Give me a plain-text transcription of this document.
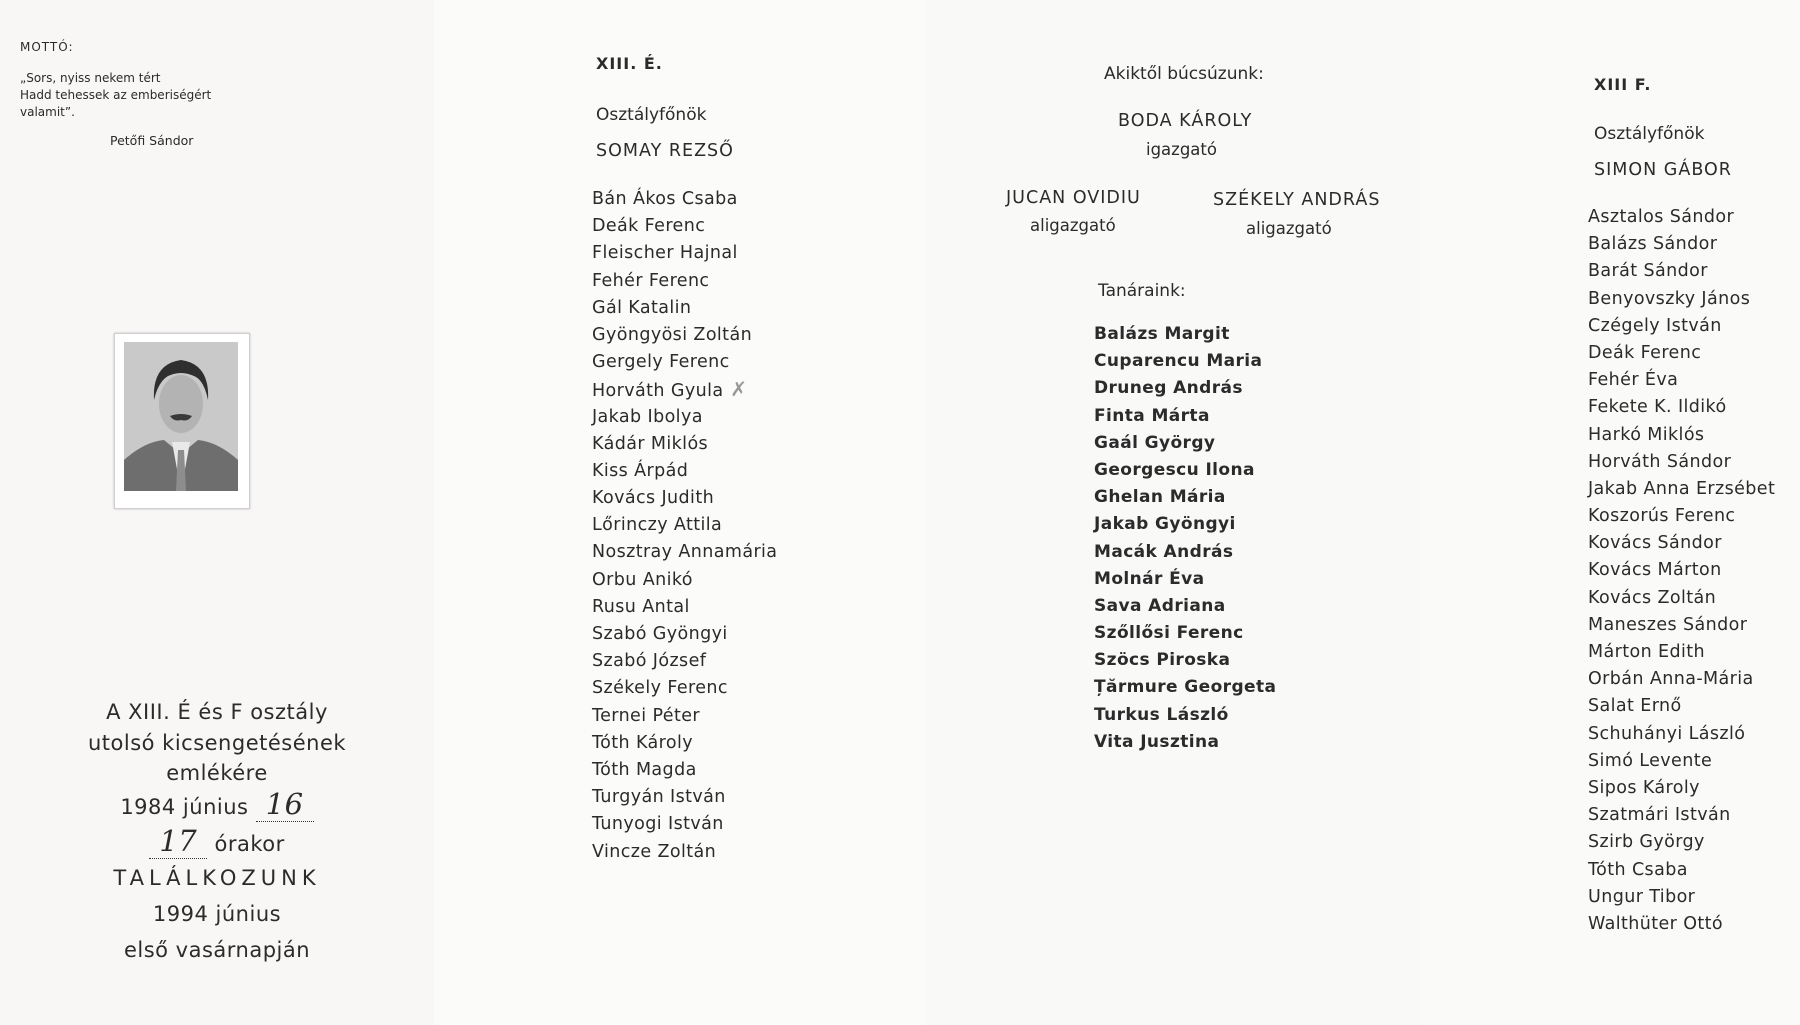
MOTTÓ:

„Sors, nyiss nekem tért
Hadd tehessek az emberiségért
valamit”.

Petőfi Sándor

A XIII. É és F osztály

utolsó kicsengetésének

emlékére

1984 június 16
17 órakor

TALÁLKOZUNK

1994 június

első vasárnapján

XIII. É.

Osztályfőnök

SOMAY REZSŐ

Bán Ákos Csaba
Deák Ferenc
Fleischer Hajnal
Fehér Ferenc
Gál Katalin
Gyöngyösi Zoltán
Gergely Ferenc
Horváth Gyula ✗
Jakab Ibolya
Kádár Miklós
Kiss Árpád
Kovács Judith
Lőrinczy Attila
Nosztray Annamária
Orbu Anikó
Rusu Antal
Szabó Gyöngyi
Szabó József
Székely Ferenc
Ternei Péter
Tóth Károly
Tóth Magda
Turgyán István
Tunyogi István
Vincze Zoltán

Akiktől búcsúzunk:

BODA KÁROLY

igazgató

JUCAN OVIDIU

aligazgató

SZÉKELY ANDRÁS

aligazgató

Tanáraink:

Balázs Margit
Cuparencu Maria
Druneg András
Finta Márta
Gaál György
Georgescu Ilona
Ghelan Mária
Jakab Gyöngyi
Macák András
Molnár Éva
Sava Adriana
Szőllősi Ferenc
Szöcs Piroska
Țărmure Georgeta
Turkus László
Vita Jusztina

XIII F.

Osztályfőnök

SIMON GÁBOR

Asztalos Sándor
Balázs Sándor
Barát Sándor
Benyovszky János
Czégely István
Deák Ferenc
Fehér Éva
Fekete K. Ildikó
Harkó Miklós
Horváth Sándor
Jakab Anna Erzsébet
Koszorús Ferenc
Kovács Sándor
Kovács Márton
Kovács Zoltán
Maneszes Sándor
Márton Edith
Orbán Anna-Mária
Salat Ernő
Schuhányi László
Simó Levente
Sipos Károly
Szatmári István
Szirb György
Tóth Csaba
Ungur Tibor
Walthüter Ottó
